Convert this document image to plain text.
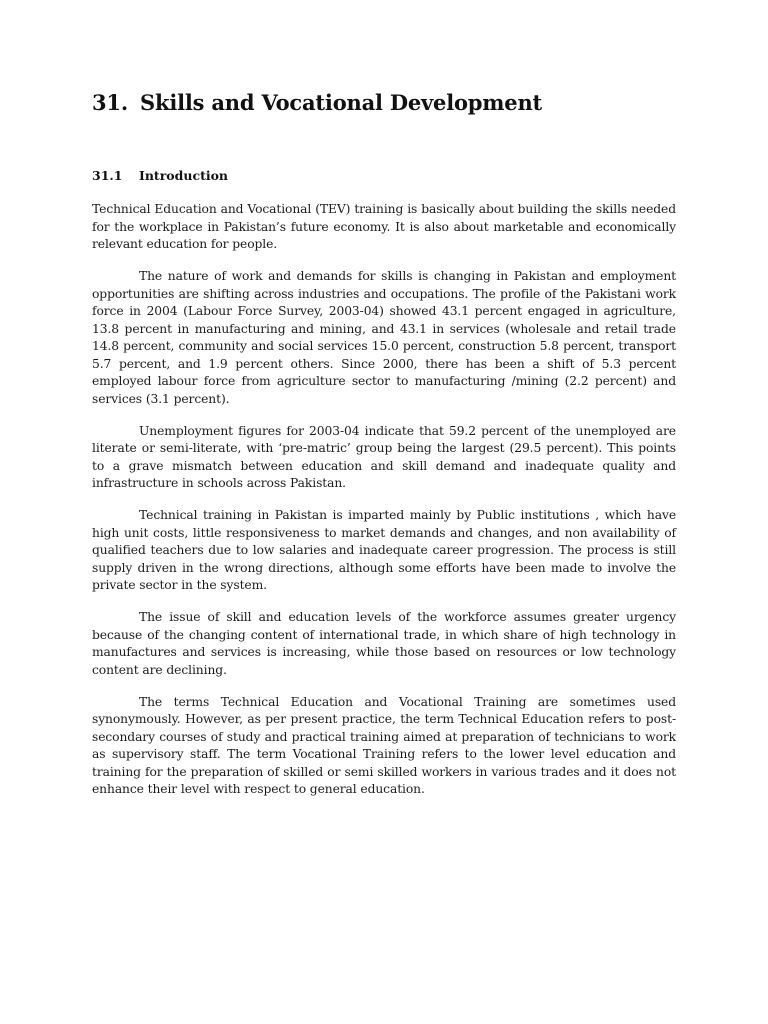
31. Skills and Vocational Development
31.1 Introduction

Technical Education and Vocational (TEV) training is basically about building the skills needed for the workplace in Pakistan’s future economy. It is also about marketable and economically relevant education for people.

The nature of work and demands for skills is changing in Pakistan and employment opportunities are shifting across industries and occupations. The profile of the Pakistani work force in 2004 (Labour Force Survey, 2003-04) showed 43.1 percent engaged in agriculture, 13.8 percent in manufacturing and mining, and 43.1 in services (wholesale and retail trade 14.8 percent, community and social services 15.0 percent, construction 5.8 percent, transport 5.7 percent, and 1.9 percent others. Since 2000, there has been a shift of 5.3 percent employed labour force from agriculture sector to manufacturing /mining (2.2 percent) and services (3.1 percent).

Unemployment figures for 2003-04 indicate that 59.2 percent of the unemployed are literate or semi-literate, with ‘pre-matric’ group being the largest (29.5 percent). This points to a grave mismatch between education and skill demand and inadequate quality and infrastructure in schools across Pakistan.

Technical training in Pakistan is imparted mainly by Public institutions , which have high unit costs, little responsiveness to market demands and changes, and non availability of qualified teachers due to low salaries and inadequate career progression. The process is still supply driven in the wrong directions, although some efforts have been made to involve the private sector in the system.

The issue of skill and education levels of the workforce assumes greater urgency because of the changing content of international trade, in which share of high technology in manufactures and services is increasing, while those based on resources or low technology content are declining.

The terms Technical Education and Vocational Training are sometimes used synonymously. However, as per present practice, the term Technical Education refers to post-secondary courses of study and practical training aimed at preparation of technicians to work as supervisory staff. The term Vocational Training refers to the lower level education and training for the preparation of skilled or semi skilled workers in various trades and it does not enhance their level with respect to general education.
